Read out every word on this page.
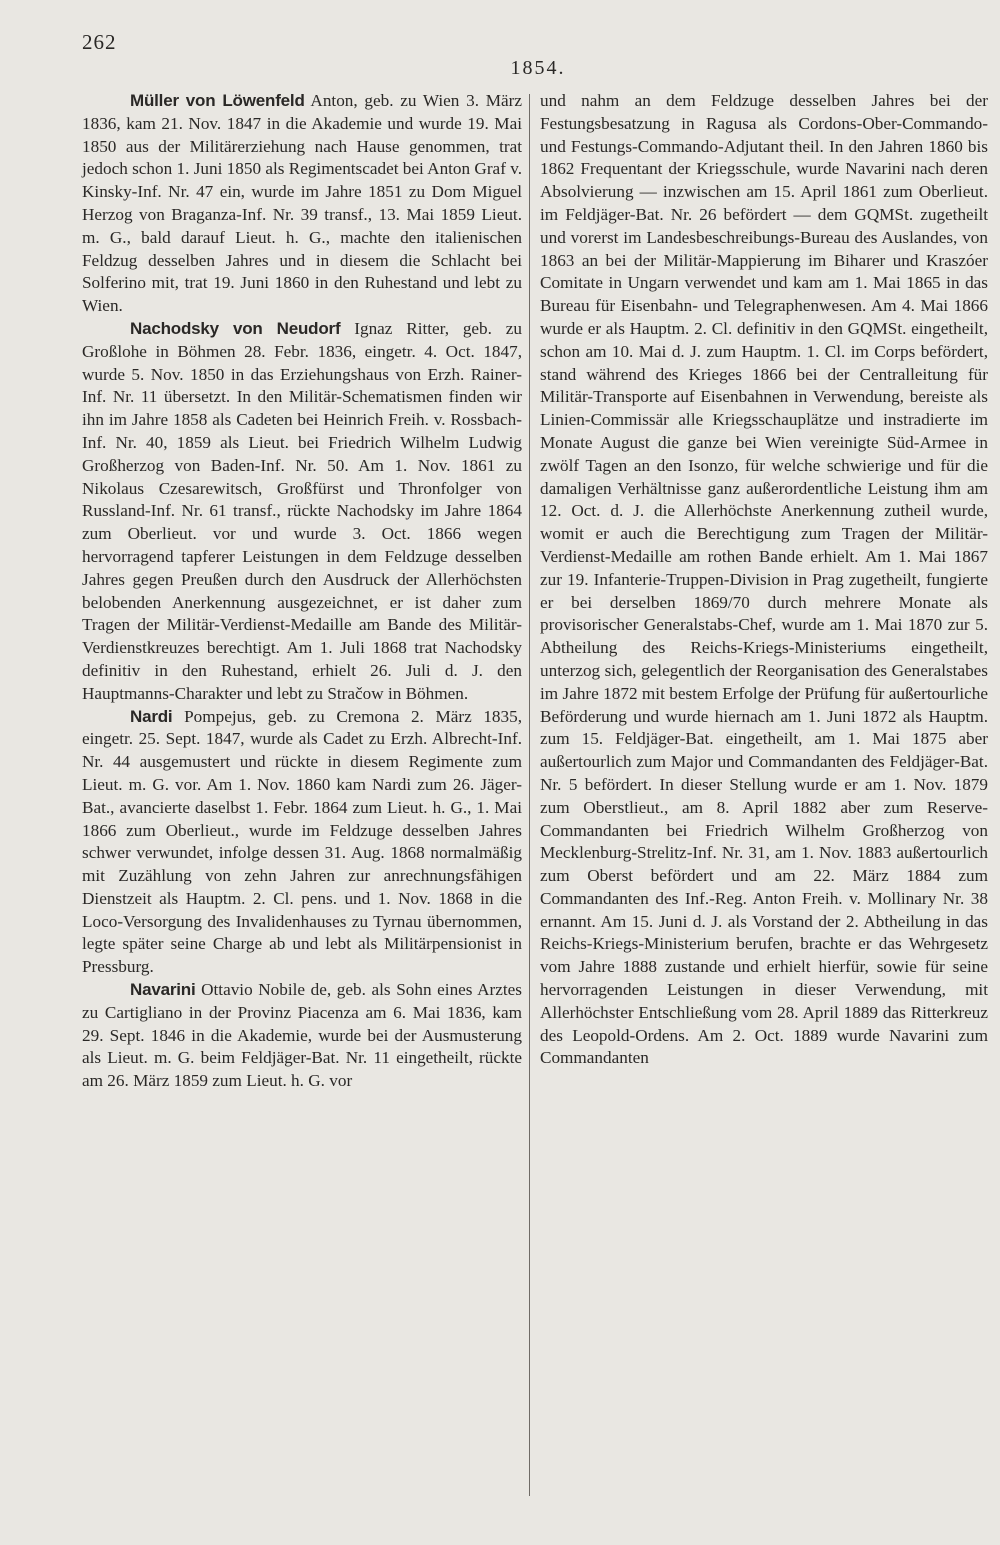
262
1854.

Müller von Löwenfeld Anton, geb. zu Wien 3. März 1836, kam 21. Nov. 1847 in die Akademie und wurde 19. Mai 1850 aus der Militärerziehung nach Hause genommen, trat jedoch schon 1. Juni 1850 als Regimentscadet bei Anton Graf v. Kinsky-Inf. Nr. 47 ein, wurde im Jahre 1851 zu Dom Miguel Herzog von Braganza-Inf. Nr. 39 transf., 13. Mai 1859 Lieut. m. G., bald darauf Lieut. h. G., machte den italienischen Feldzug desselben Jahres und in diesem die Schlacht bei Solferino mit, trat 19. Juni 1860 in den Ruhestand und lebt zu Wien.

Nachodsky von Neudorf Ignaz Ritter, geb. zu Großlohe in Böhmen 28. Febr. 1836, eingetr. 4. Oct. 1847, wurde 5. Nov. 1850 in das Erziehungshaus von Erzh. Rainer-Inf. Nr. 11 übersetzt. In den Militär-Schematismen finden wir ihn im Jahre 1858 als Cadeten bei Heinrich Freih. v. Rossbach-Inf. Nr. 40, 1859 als Lieut. bei Friedrich Wilhelm Ludwig Großherzog von Baden-Inf. Nr. 50. Am 1. Nov. 1861 zu Nikolaus Czesarewitsch, Großfürst und Thronfolger von Russland-Inf. Nr. 61 transf., rückte Nachodsky im Jahre 1864 zum Oberlieut. vor und wurde 3. Oct. 1866 wegen hervorragend tapferer Leistungen in dem Feldzuge desselben Jahres gegen Preußen durch den Ausdruck der Allerhöchsten belobenden Anerkennung ausgezeichnet, er ist daher zum Tragen der Militär-Verdienst-Medaille am Bande des Militär-Verdienstkreuzes berechtigt. Am 1. Juli 1868 trat Nachodsky definitiv in den Ruhestand, erhielt 26. Juli d. J. den Hauptmanns-Charakter und lebt zu Stračow in Böhmen.

Nardi Pompejus, geb. zu Cremona 2. März 1835, eingetr. 25. Sept. 1847, wurde als Cadet zu Erzh. Albrecht-Inf. Nr. 44 ausgemustert und rückte in diesem Regimente zum Lieut. m. G. vor. Am 1. Nov. 1860 kam Nardi zum 26. Jäger-Bat., avancierte daselbst 1. Febr. 1864 zum Lieut. h. G., 1. Mai 1866 zum Oberlieut., wurde im Feldzuge desselben Jahres schwer verwundet, infolge dessen 31. Aug. 1868 normalmäßig mit Zuzählung von zehn Jahren zur anrechnungsfähigen Dienstzeit als Hauptm. 2. Cl. pens. und 1. Nov. 1868 in die Loco-Versorgung des Invalidenhauses zu Tyrnau übernommen, legte später seine Charge ab und lebt als Militärpensionist in Pressburg.

Navarini Ottavio Nobile de, geb. als Sohn eines Arztes zu Cartigliano in der Provinz Piacenza am 6. Mai 1836, kam 29. Sept. 1846 in die Akademie, wurde bei der Ausmusterung als Lieut. m. G. beim Feldjäger-Bat. Nr. 11 eingetheilt, rückte am 26. März 1859 zum Lieut. h. G. vor

und nahm an dem Feldzuge desselben Jahres bei der Festungsbesatzung in Ragusa als Cordons-Ober-Commando- und Festungs-Commando-Adjutant theil. In den Jahren 1860 bis 1862 Frequentant der Kriegsschule, wurde Navarini nach deren Absolvierung — inzwischen am 15. April 1861 zum Oberlieut. im Feldjäger-Bat. Nr. 26 befördert — dem GQMSt. zugetheilt und vorerst im Landesbeschreibungs-Bureau des Auslandes, von 1863 an bei der Militär-Mappierung im Biharer und Kraszóer Comitate in Ungarn verwendet und kam am 1. Mai 1865 in das Bureau für Eisenbahn- und Telegraphenwesen. Am 4. Mai 1866 wurde er als Hauptm. 2. Cl. definitiv in den GQMSt. eingetheilt, schon am 10. Mai d. J. zum Hauptm. 1. Cl. im Corps befördert, stand während des Krieges 1866 bei der Centralleitung für Militär-Transporte auf Eisenbahnen in Verwendung, bereiste als Linien-Commissär alle Kriegsschauplätze und instradierte im Monate August die ganze bei Wien vereinigte Süd-Armee in zwölf Tagen an den Isonzo, für welche schwierige und für die damaligen Verhältnisse ganz außerordentliche Leistung ihm am 12. Oct. d. J. die Allerhöchste Anerkennung zutheil wurde, womit er auch die Berechtigung zum Tragen der Militär-Verdienst-Medaille am rothen Bande erhielt. Am 1. Mai 1867 zur 19. Infanterie-Truppen-Division in Prag zugetheilt, fungierte er bei derselben 1869/70 durch mehrere Monate als provisorischer Generalstabs-Chef, wurde am 1. Mai 1870 zur 5. Abtheilung des Reichs-Kriegs-Ministeriums eingetheilt, unterzog sich, gelegentlich der Reorganisation des Generalstabes im Jahre 1872 mit bestem Erfolge der Prüfung für außertourliche Beförderung und wurde hiernach am 1. Juni 1872 als Hauptm. zum 15. Feldjäger-Bat. eingetheilt, am 1. Mai 1875 aber außertourlich zum Major und Commandanten des Feldjäger-Bat. Nr. 5 befördert. In dieser Stellung wurde er am 1. Nov. 1879 zum Oberstlieut., am 8. April 1882 aber zum Reserve-Commandanten bei Friedrich Wilhelm Großherzog von Mecklenburg-Strelitz-Inf. Nr. 31, am 1. Nov. 1883 außertourlich zum Oberst befördert und am 22. März 1884 zum Commandanten des Inf.-Reg. Anton Freih. v. Mollinary Nr. 38 ernannt. Am 15. Juni d. J. als Vorstand der 2. Abtheilung in das Reichs-Kriegs-Ministerium berufen, brachte er das Wehrgesetz vom Jahre 1888 zustande und erhielt hierfür, sowie für seine hervorragenden Leistungen in dieser Verwendung, mit Allerhöchster Entschließung vom 28. April 1889 das Ritterkreuz des Leopold-Ordens. Am 2. Oct. 1889 wurde Navarini zum Commandanten
